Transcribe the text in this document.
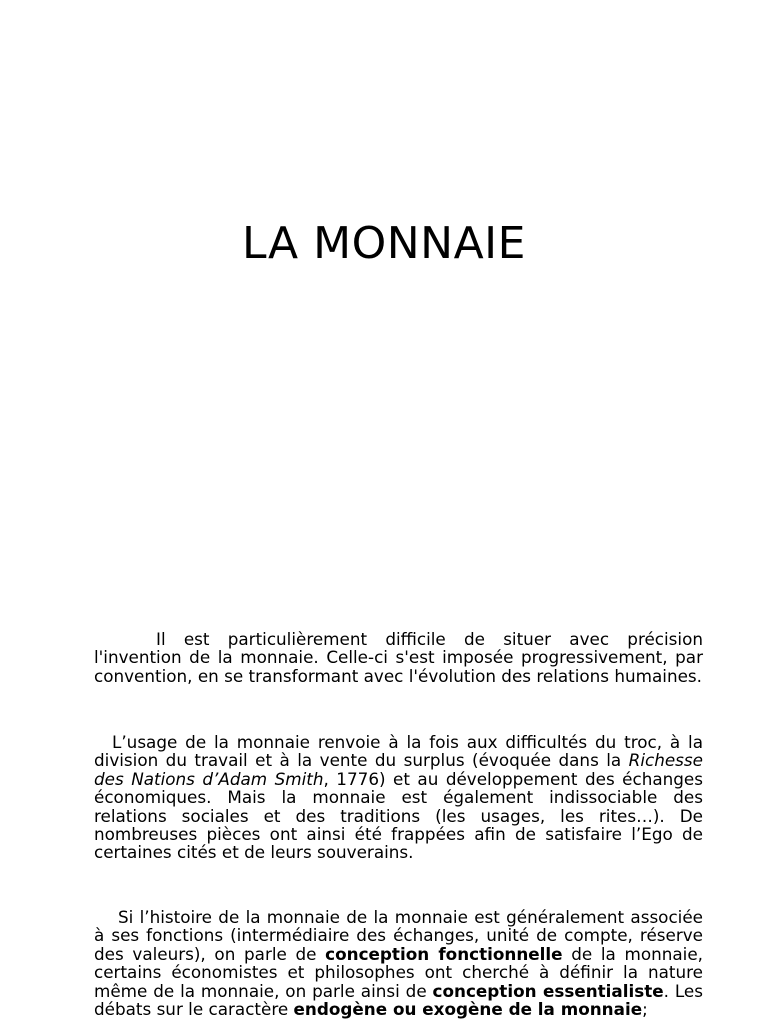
LA MONNAIE

Il est particulièrement difficile de situer avec précision l'invention de la monnaie. Celle-ci s'est imposée progressivement, par convention, en se transformant avec l'évolution des relations humaines.

L’usage de la monnaie renvoie à la fois aux difficultés du troc, à la division du travail et à la vente du surplus (évoquée dans la Richesse des Nations d’Adam Smith, 1776) et au développement des échanges économiques. Mais la monnaie est également indissociable des relations sociales et des traditions (les usages, les rites…). De nombreuses pièces ont ainsi été frappées afin de satisfaire l’Ego de certaines cités et de leurs souverains.

Si l’histoire de la monnaie de la monnaie est généralement associée à ses fonctions (intermédiaire des échanges, unité de compte, réserve des valeurs), on parle de conception fonctionnelle de la monnaie, certains économistes et philosophes ont cherché à définir la nature même de la monnaie, on parle ainsi de conception essentialiste. Les débats sur le caractère endogène ou exogène de la monnaie;
